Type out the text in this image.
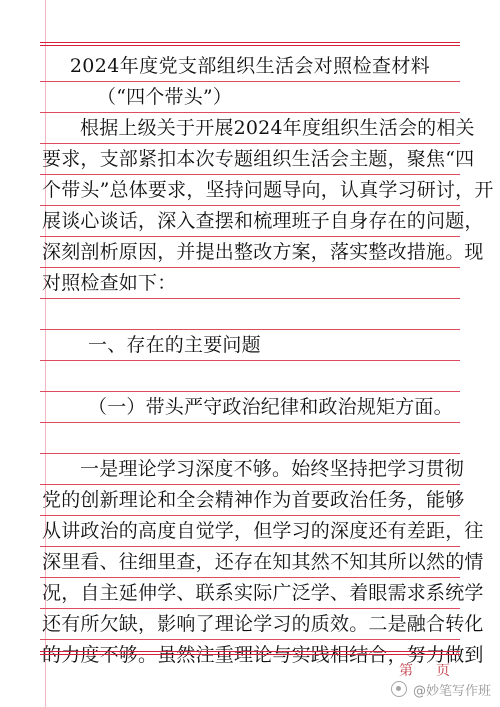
2024年度党支部组织生活会对照检查材料
（“四个带头”）
根据上级关于开展2024年度组织生活会的相关
要求，支部紧扣本次专题组织生活会主题，聚焦“四
个带头”总体要求，坚持问题导向，认真学习研讨，开
展谈心谈话，深入查摆和梳理班子自身存在的问题，
深刻剖析原因，并提出整改方案，落实整改措施。现
对照检查如下：
一、存在的主要问题
（一）带头严守政治纪律和政治规矩方面。
一是理论学习深度不够。始终坚持把学习贯彻
党的创新理论和全会精神作为首要政治任务，能够
从讲政治的高度自觉学，但学习的深度还有差距，往
深里看、往细里查，还存在知其然不知其所以然的情
况，自主延伸学、联系实际广泛学、着眼需求系统学
还有所欠缺，影响了理论学习的质效。二是融合转化
的力度不够。虽然注重理论与实践相结合，努力做到
第 页
@妙笔写作班
